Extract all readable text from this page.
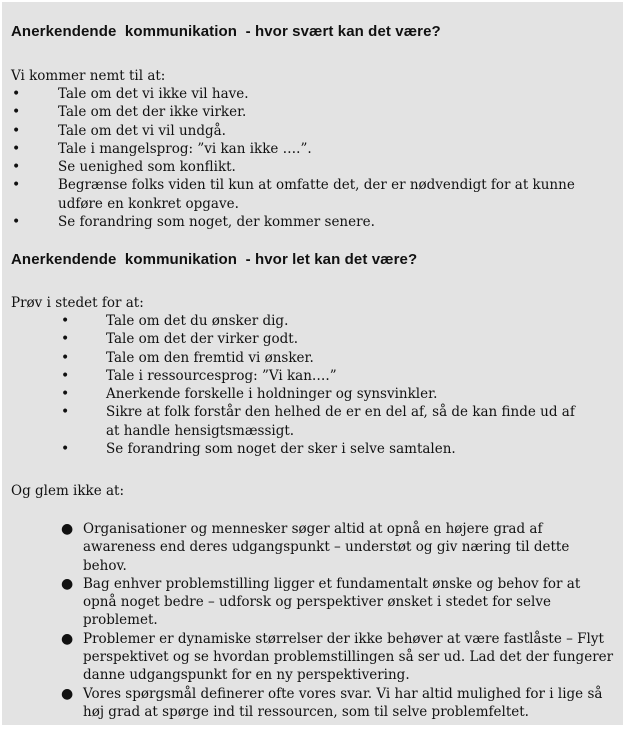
Anerkendende  kommunikation  - hvor svært kan det være?
Vi kommer nemt til at:
•	Tale om det vi ikke vil have.
•	Tale om det der ikke virker.
•	Tale om det vi vil undgå.
•	Tale i mangelsprog: ”vi kan ikke ….”.
•	Se uenighed som konflikt.
•	Begrænse folks viden til kun at omfatte det, der er nødvendigt for at kunne udføre en konkret opgave.
•	Se forandring som noget, der kommer senere.
Anerkendende  kommunikation  - hvor let kan det være?
Prøv i stedet for at:
•	Tale om det du ønsker dig.
•	Tale om det der virker godt.
•	Tale om den fremtid vi ønsker.
•	Tale i ressourcesprog: ”Vi kan….”
•	Anerkende forskelle i holdninger og synsvinkler.
•	Sikre at folk forstår den helhed de er en del af, så de kan finde ud af at handle hensigtsmæssigt.
•	Se forandring som noget der sker i selve samtalen.
Og glem ikke at:
● Organisationer og mennesker søger altid at opnå en højere grad af awareness end deres udgangspunkt – understøt og giv næring til dette behov.
● Bag enhver problemstilling ligger et fundamentalt ønske og behov for at opnå noget bedre – udforsk og perspektiver ønsket i stedet for selve problemet.
● Problemer er dynamiske størrelser der ikke behøver at være fastlåste – Flyt perspektivet og se hvordan problemstillingen så ser ud. Lad det der fungerer danne udgangspunkt for en ny perspektivering.
● Vores spørgsmål definerer ofte vores svar. Vi har altid mulighed for i lige så høj grad at spørge ind til ressourcen, som til selve problemfeltet.
